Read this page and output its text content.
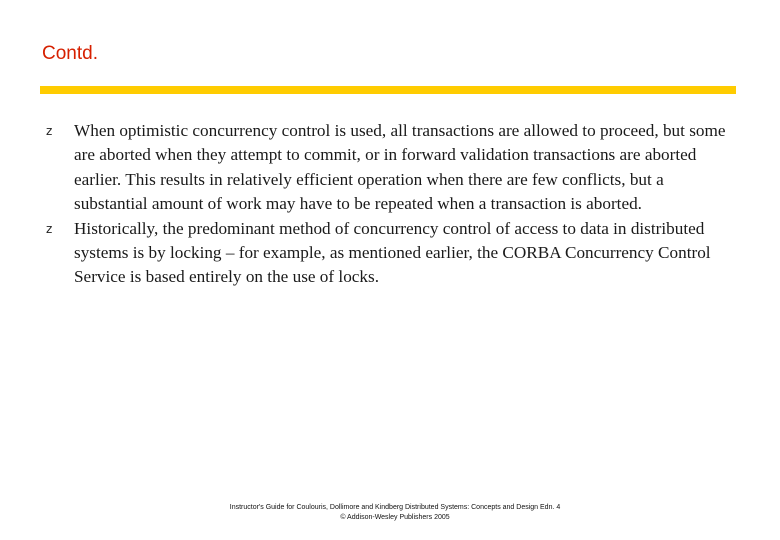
Contd.
z	When optimistic concurrency control is used, all transactions are allowed to proceed, but some are aborted when they attempt to commit, or in forward validation transactions are aborted earlier. This results in relatively efficient operation when there are few conflicts, but a substantial amount of work may have to be repeated when a transaction is aborted.
z	Historically, the predominant method of concurrency control of access to data in distributed systems is by locking – for example, as mentioned earlier, the CORBA Concurrency Control Service is based entirely on the use of locks.
Instructor's Guide for Coulouris, Dollimore and Kindberg Distributed Systems: Concepts and Design Edn. 4
© Addison-Wesley Publishers 2005
